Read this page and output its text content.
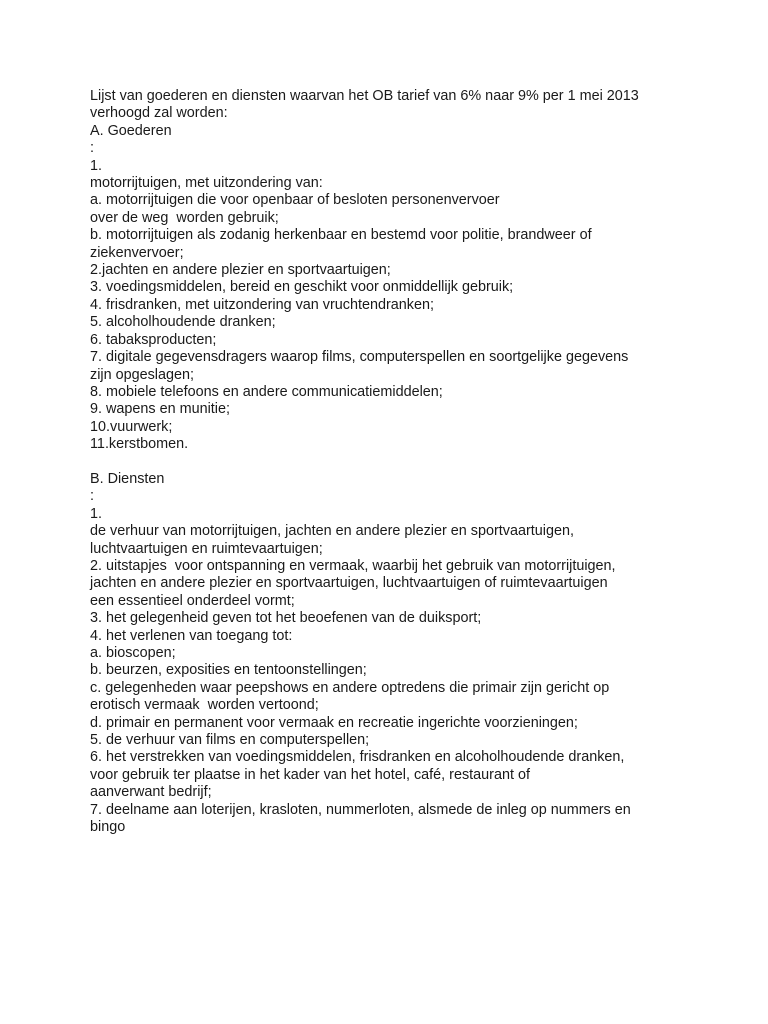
Lijst van goederen en diensten waarvan het OB tarief van 6% naar 9% per 1 mei 2013
verhoogd zal worden:
A. Goederen
:
1.
motorrijtuigen, met uitzondering van:
a. motorrijtuigen die voor openbaar of besloten personenvervoer
over de weg  worden gebruik;
b. motorrijtuigen als zodanig herkenbaar en bestemd voor politie, brandweer of
ziekenvervoer;
2.jachten en andere plezier en sportvaartuigen;
3. voedingsmiddelen, bereid en geschikt voor onmiddellijk gebruik;
4. frisdranken, met uitzondering van vruchtendranken;
5. alcoholhoudende dranken;
6. tabaksproducten;
7. digitale gegevensdragers waarop films, computerspellen en soortgelijke gegevens
zijn opgeslagen;
8. mobiele telefoons en andere communicatiemiddelen;
9. wapens en munitie;
10.vuurwerk;
11.kerstbomen.
B. Diensten
:
1.
de verhuur van motorrijtuigen, jachten en andere plezier en sportvaartuigen,
luchtvaartuigen en ruimtevaartuigen;
2. uitstapjes  voor ontspanning en vermaak, waarbij het gebruik van motorrijtuigen,
jachten en andere plezier en sportvaartuigen, luchtvaartuigen of ruimtevaartuigen
een essentieel onderdeel vormt;
3. het gelegenheid geven tot het beoefenen van de duiksport;
4. het verlenen van toegang tot:
a. bioscopen;
b. beurzen, exposities en tentoonstellingen;
c. gelegenheden waar peepshows en andere optredens die primair zijn gericht op
erotisch vermaak  worden vertoond;
d. primair en permanent voor vermaak en recreatie ingerichte voorzieningen;
5. de verhuur van films en computerspellen;
6. het verstrekken van voedingsmiddelen, frisdranken en alcoholhoudende dranken,
voor gebruik ter plaatse in het kader van het hotel, café, restaurant of
aanverwant bedrijf;
7. deelname aan loterijen, krasloten, nummerloten, alsmede de inleg op nummers en
bingo
